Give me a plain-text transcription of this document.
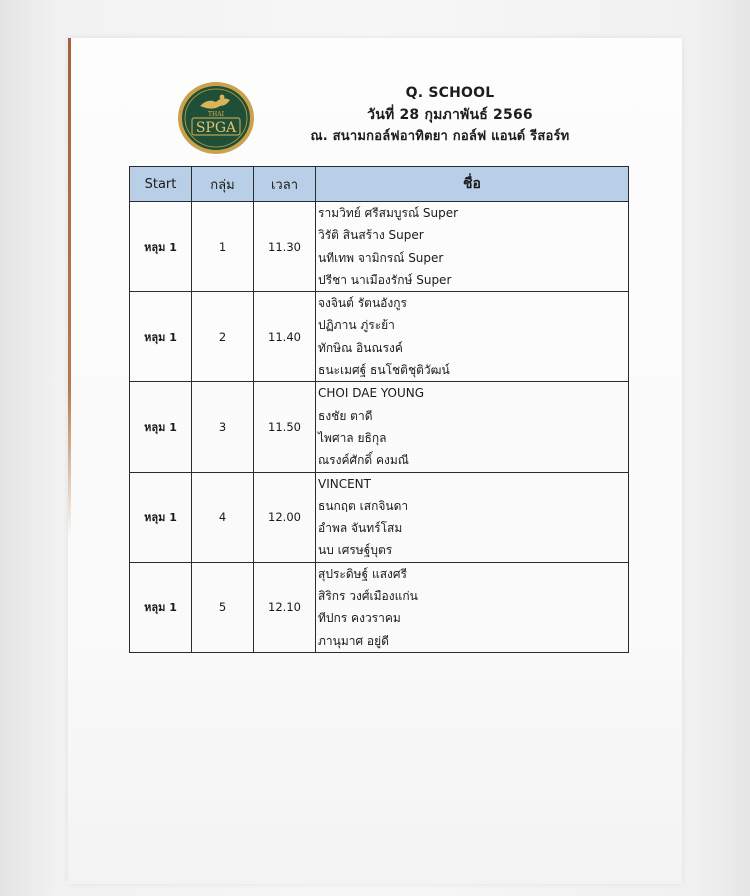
THAI
SPGA
Q. SCHOOL
วันที่ 28 กุมภาพันธ์ 2566
ณ. สนามกอล์ฟอาทิตยา กอล์ฟ แอนด์ รีสอร์ท
Start	กลุ่ม	เวลา	ชื่อ
หลุม 1	1	11.30	รามวิทย์ ศรีสมบูรณ์ Super
วิรัติ สินสร้าง Super
นทีเทพ จามิกรณ์ Super
ปรีชา นาเมืองรักษ์ Super

หลุม 1	2	11.40	จงจินต์ รัตนอังกูร
ปฏิภาน ภู่ระย้า
ทักษิณ อินณรงค์
ธนะเมศฐ์ ธนโชติชุติวัฒน์

หลุม 1	3	11.50	CHOI DAE YOUNG
ธงชัย ตาดี
ไพศาล ยธิกุล
ณรงค์ศักดิ์ คงมณี

หลุม 1	4	12.00	VINCENT
ธนกฤต เสกจินดา
อำพล จันทร์โสม
นบ เศรษฐ์บุตร

หลุม 1	5	12.10	สุประดิษฐ์ แสงศรี
สิริกร วงศ์เมืองแก่น
ทีปกร คงวราคม
ภานุมาศ อยู่ดี
